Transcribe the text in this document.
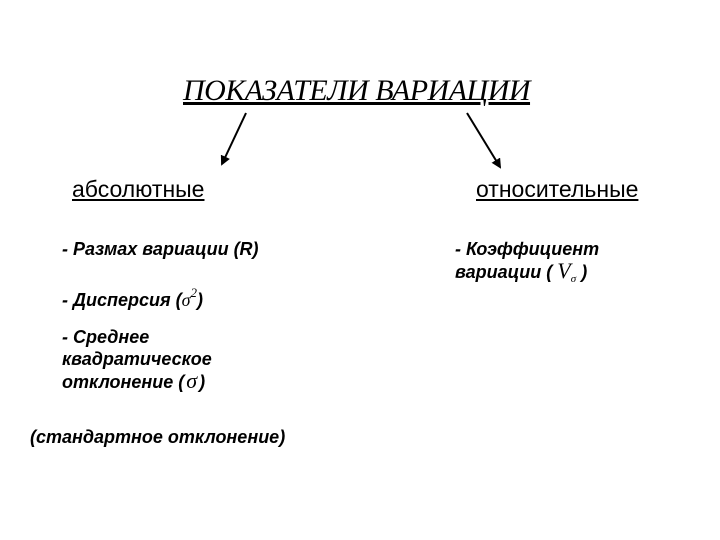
ПОКАЗАТЕЛИ ВАРИАЦИИ
абсолютные	относительные
- Размах вариации (R)
- Дисперсия $(\sigma^2)$
- Среднее
квадратическое
отклонение (σ )
(стандартное отклонение)
- Коэффициент
вариации ( $V_\sigma$ )
